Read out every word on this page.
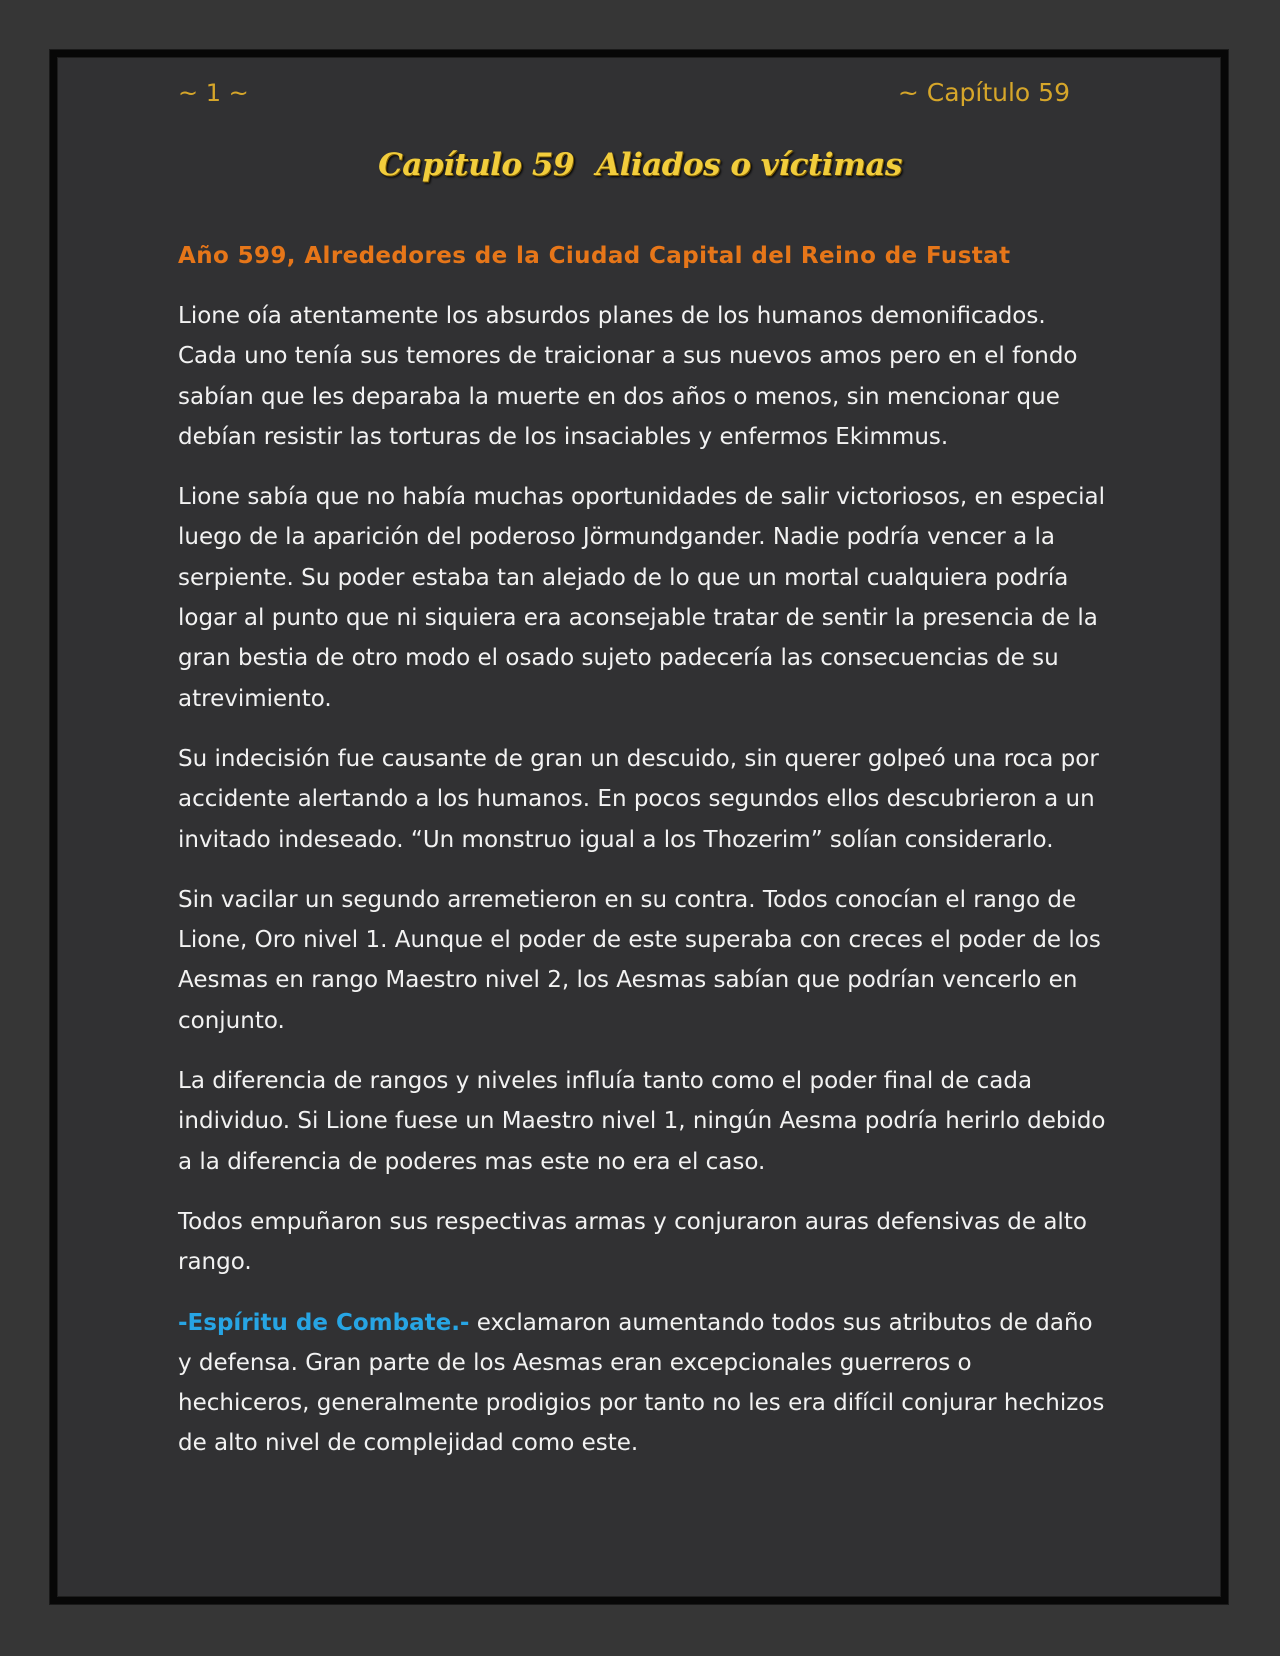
~ 1 ~	~ Capítulo 59
Capítulo 59 Aliados o víctimas
Año 599, Alrededores de la Ciudad Capital del Reino de Fustat

Lione oía atentamente los absurdos planes de los humanos demonificados. Cada uno tenía sus temores de traicionar a sus nuevos amos pero en el fondo sabían que les deparaba la muerte en dos años o menos, sin mencionar que debían resistir las torturas de los insaciables y enfermos Ekimmus.

Lione sabía que no había muchas oportunidades de salir victoriosos, en especial luego de la aparición del poderoso Jörmundgander. Nadie podría vencer a la serpiente. Su poder estaba tan alejado de lo que un mortal cualquiera podría logar al punto que ni siquiera era aconsejable tratar de sentir la presencia de la gran bestia de otro modo el osado sujeto padecería las consecuencias de su atrevimiento.

Su indecisión fue causante de gran un descuido, sin querer golpeó una roca por accidente alertando a los humanos. En pocos segundos ellos descubrieron a un invitado indeseado. “Un monstruo igual a los Thozerim” solían considerarlo.

Sin vacilar un segundo arremetieron en su contra. Todos conocían el rango de Lione, Oro nivel 1. Aunque el poder de este superaba con creces el poder de los Aesmas en rango Maestro nivel 2, los Aesmas sabían que podrían vencerlo en conjunto.

La diferencia de rangos y niveles influía tanto como el poder final de cada individuo. Si Lione fuese un Maestro nivel 1, ningún Aesma podría herirlo debido a la diferencia de poderes mas este no era el caso.

Todos empuñaron sus respectivas armas y conjuraron auras defensivas de alto rango.

-Espíritu de Combate.- exclamaron aumentando todos sus atributos de daño y defensa. Gran parte de los Aesmas eran excepcionales guerreros o hechiceros, generalmente prodigios por tanto no les era difícil conjurar hechizos de alto nivel de complejidad como este.
